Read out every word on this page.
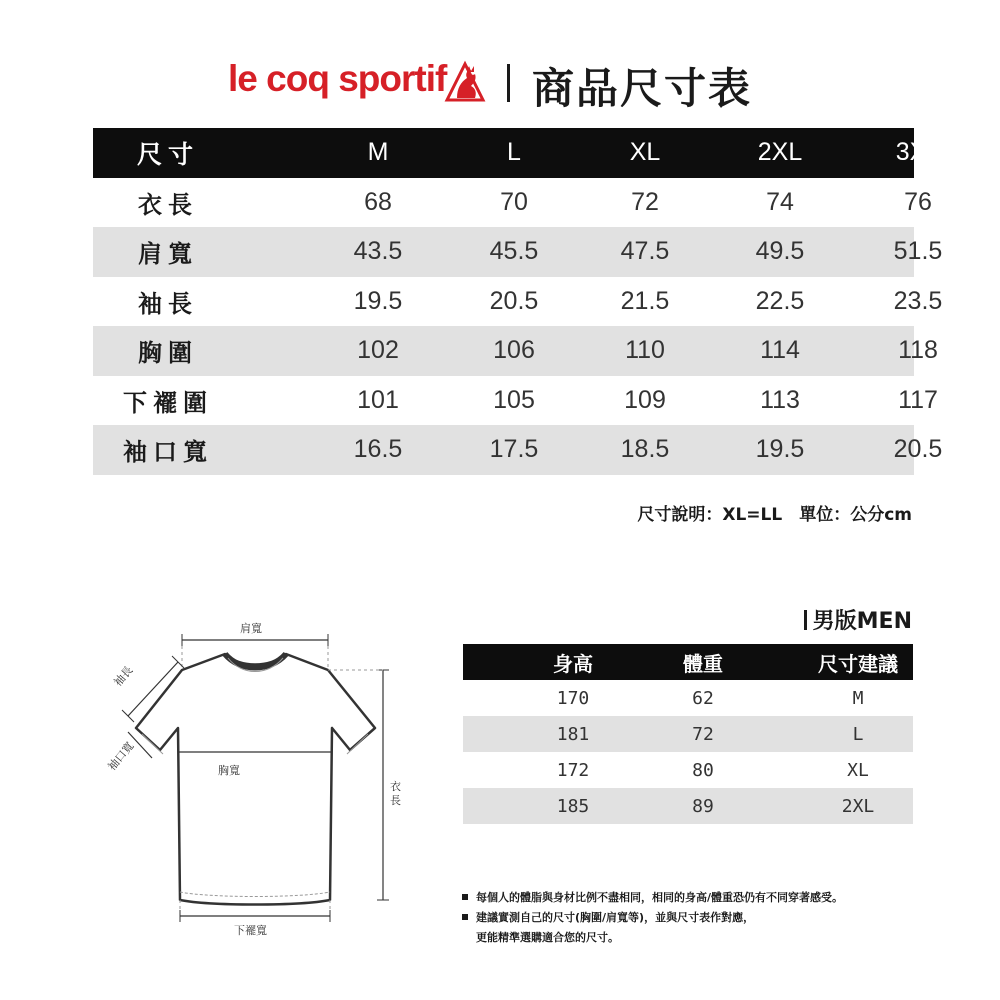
le coq sportif 商品尺寸表
尺寸	M	L	XL	2XL	3XL
衣長	68	70	72	74	76
肩寬	43.5	45.5	47.5	49.5	51.5
袖長	19.5	20.5	21.5	22.5	23.5
胸圍	102	106	110	114	118
下襬圍	101	105	109	113	117
袖口寬	16.5	17.5	18.5	19.5	20.5
尺寸說明：XL=LL　單位：公分cm
肩寬
袖長
袖口寬	胸寬
衣長
下襬寬
男版MEN
身高	體重	尺寸建議
170	62	M
181	72	L
172	80	XL
185	89	2XL
每個人的體脂與身材比例不盡相同，相同的身高/體重恐仍有不同穿著感受。
建議實測自己的尺寸(胸圍/肩寬等)，並與尺寸表作對應，
更能精準選購適合您的尺寸。
